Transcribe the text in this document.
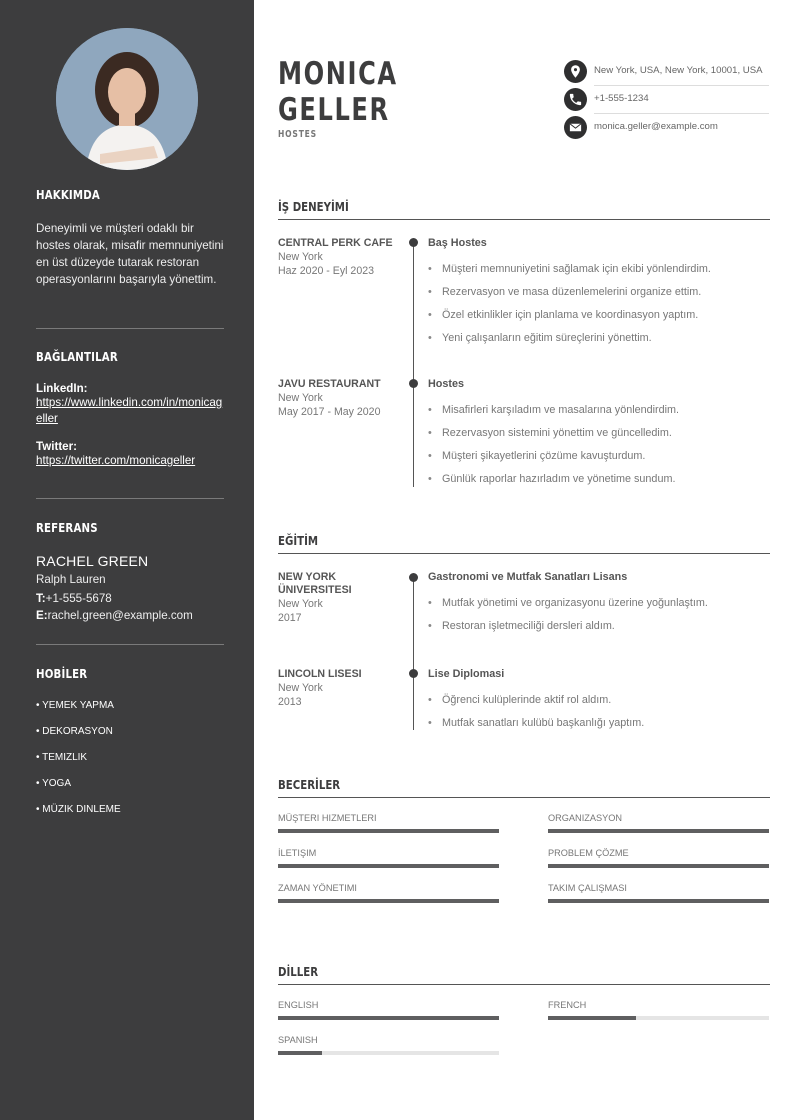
HAKKIMDA
Deneyimli ve müşteri odaklı bir hostes olarak, misafir memnuniyetini en üst düzeyde tutarak restoran operasyonlarını başarıyla yönettim.
BAĞLANTILAR
LinkedIn:
https://www.linkedin.com/in/monicageller
Twitter:
https://twitter.com/monicageller
REFERANS
RACHEL GREEN
Ralph Lauren
T:+1-555-5678
E:rachel.green@example.com
HOBİLER
• YEMEK YAPMA
• DEKORASYON
• TEMIZLIK
• YOGA
• MÜZIK DINLEME
MONICA
GELLER
HOSTES
New York, USA, New York, 10001, USA
+1-555-1234
monica.geller@example.com
İŞ DENEYİMİ
CENTRAL PERK CAFE
New York
Haz 2020 - Eyl 2023
Baş Hostes
• Müşteri memnuniyetini sağlamak için ekibi yönlendirdim.
• Rezervasyon ve masa düzenlemelerini organize ettim.
• Özel etkinlikler için planlama ve koordinasyon yaptım.
• Yeni çalışanların eğitim süreçlerini yönettim.
JAVU RESTAURANT
New York
May 2017 - May 2020
Hostes
• Misafirleri karşıladım ve masalarına yönlendirdim.
• Rezervasyon sistemini yönettim ve güncelledim.
• Müşteri şikayetlerini çözüme kavuşturdum.
• Günlük raporlar hazırladım ve yönetime sundum.
EĞİTİM
NEW YORK ÜNIVERSITESI
New York
2017
Gastronomi ve Mutfak Sanatları Lisans
• Mutfak yönetimi ve organizasyonu üzerine yoğunlaştım.
• Restoran işletmeciliği dersleri aldım.
LINCOLN LISESI
New York
2013
Lise Diplomasi
• Öğrenci kulüplerinde aktif rol aldım.
• Mutfak sanatları kulübü başkanlığı yaptım.
BECERİLER
MÜŞTERI HIZMETLERI	ORGANIZASYON
İLETIŞIM	PROBLEM ÇÖZME
ZAMAN YÖNETIMI	TAKIM ÇALIŞMASI
DİLLER
ENGLISH	FRENCH
SPANISH
